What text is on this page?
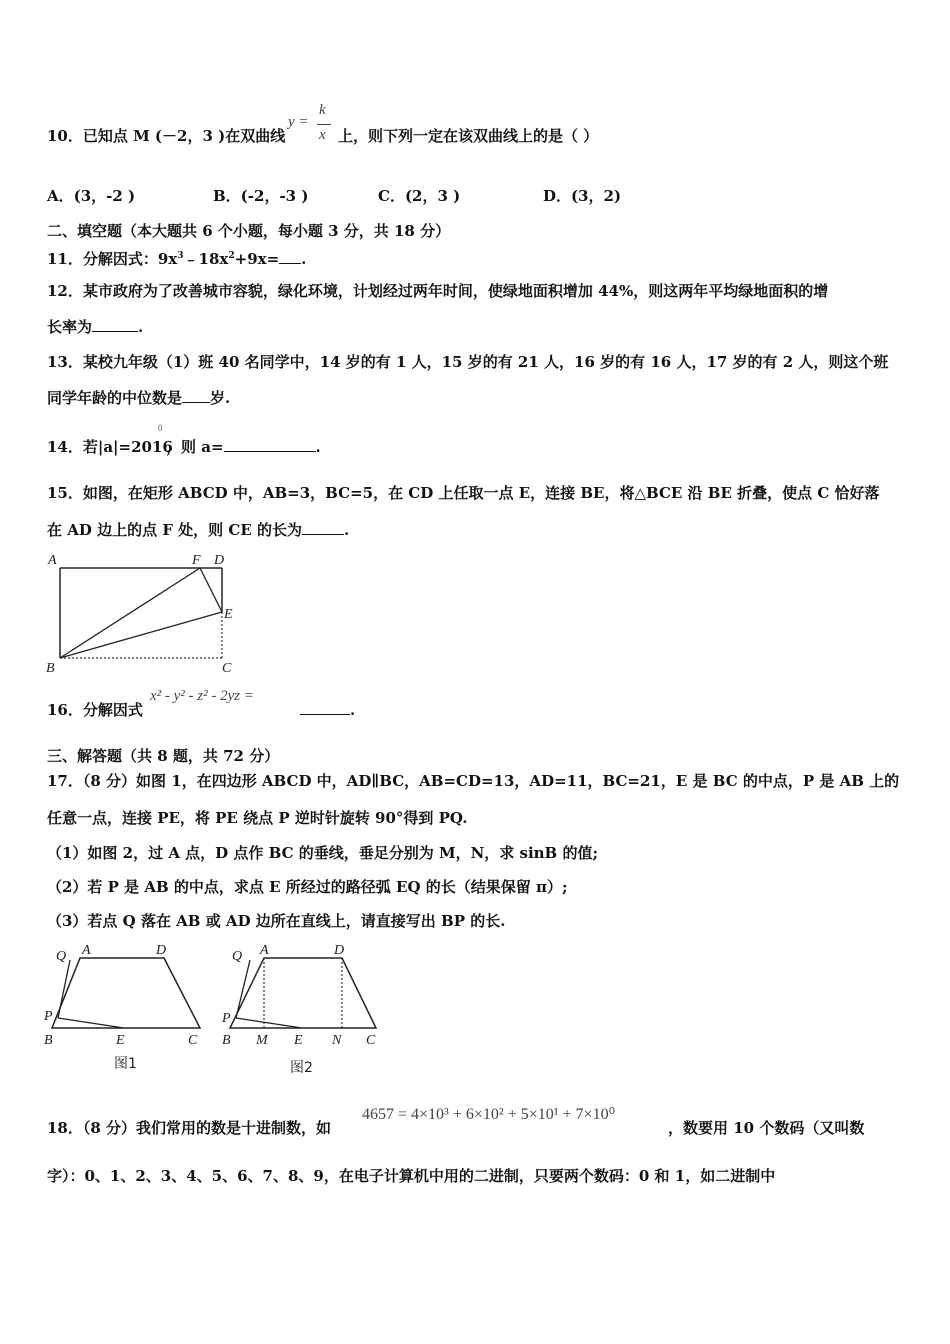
10．已知点 M (－2，3 )在双曲线
y =
k
x 上，则下列一定在该双曲线上的是（ ）
A．(3，-2 )	B．(-2，-3 )	C．(2，3 )	D．(3，2)
二、填空题（本大题共 6 个小题，每小题 3 分，共 18 分）
11．分解因式：$9x^3﹣18x^2+9x=$ .
12．某市政府为了改善城市容貌，绿化环境，计划经过两年时间，使绿地面积增加 44%，则这两年平均绿地面积的增
长率为	.
13．某校九年级（1）班 40 名同学中，14 岁的有 1 人，15 岁的有 21 人，16 岁的有 16 人，17 岁的有 2 人，则这个班
同学年龄的中位数是 岁.
14．若|a|=2016
0
，则 a=	.
15．如图，在矩形 ABCD 中，AB=3，BC=5，在 CD 上任取一点 E，连接 BE，将△BCE 沿 BE 折叠，使点 C 恰好落
在 AD 边上的点 F 处，则 CE 的长为	.
A	F D
E
B	C
16．分解因式
x² - y² - z² - 2yz =
.
三、解答题（共 8 题，共 72 分）
17．（8 分）如图 1，在四边形 ABCD 中，AD∥BC，AB=CD=13，AD=11，BC=21，E 是 BC 的中点，P 是 AB 上的
任意一点，连接 PE，将 PE 绕点 P 逆时针旋转 90°得到 PQ.
（1）如图 2，过 A 点，D 点作 BC 的垂线，垂足分别为 M，N，求 sinB 的值;
（2）若 P 是 AB 的中点，求点 E 所经过的路径弧 EQ 的长（结果保留 π）;
（3）若点 Q 落在 AB 或 AD 边所在直线上，请直接写出 BP 的长.
Q A	D
P
B	E	C
图1
Q A	D
P
B M E N C
图2
18．（8 分）我们常用的数是十进制数，如
4657 = 4×10³ + 6×10² + 5×10¹ + 7×10⁰
，数要用 10 个数码（又叫数
字）：0、1、2、3、4、5、6、7、8、9，在电子计算机中用的二进制，只要两个数码：0 和 1，如二进制中
